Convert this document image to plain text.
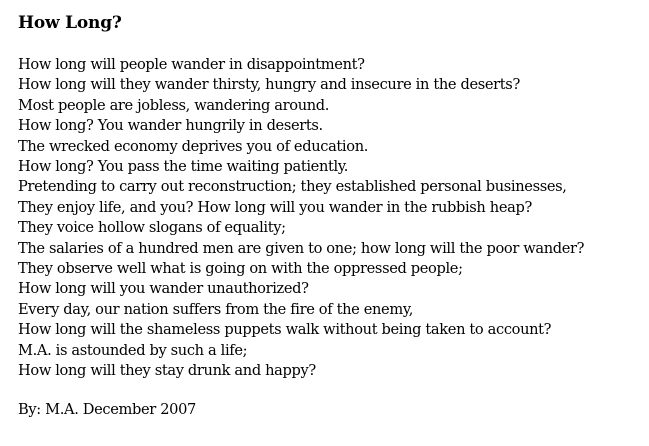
How Long?
How long will people wander in disappointment?
How long will they wander thirsty, hungry and insecure in the deserts?
Most people are jobless, wandering around.
How long? You wander hungrily in deserts.
The wrecked economy deprives you of education.
How long? You pass the time waiting patiently.
Pretending to carry out reconstruction; they established personal businesses,
They enjoy life, and you? How long will you wander in the rubbish heap?
They voice hollow slogans of equality;
The salaries of a hundred men are given to one; how long will the poor wander?
They observe well what is going on with the oppressed people;
How long will you wander unauthorized?
Every day, our nation suffers from the fire of the enemy,
How long will the shameless puppets walk without being taken to account?
M.A. is astounded by such a life;
How long will they stay drunk and happy?
By: M.A. December 2007
